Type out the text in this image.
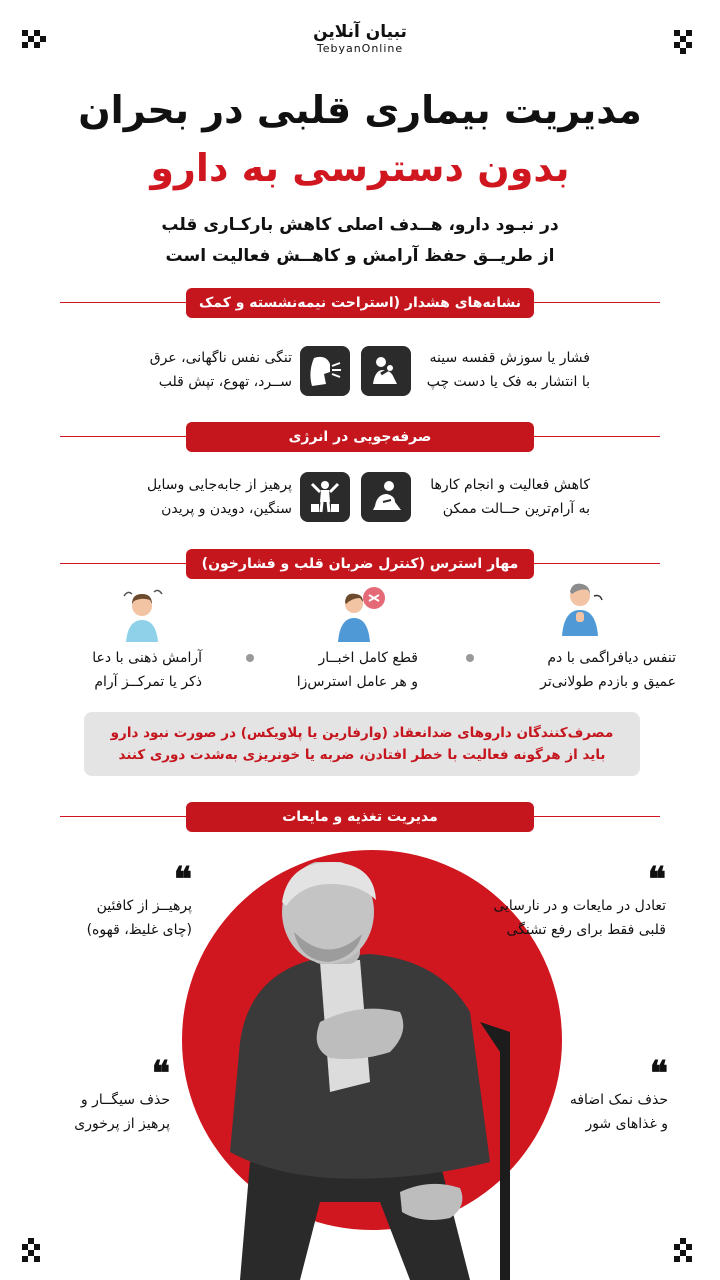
تبیان آنلاین
TebyanOnline
مدیریت بیماری قلبی در بحران
بدون دسترسی به دارو
در نبـود دارو، هــدف اصلی کاهش بارکـاری قلب
از طریــق حفظ آرامش و کاهــش فعالیت است
نشانه‌های هشدار (استراحت نیمه‌نشسته و کمک فوری)
فشار یا سوزش قفسه سینه
با انتشار به فک یا دست چپ
تنگی نفس ناگهانی، عرق
ســرد، تهوع، تپش قلب
صرفه‌جویی در انرژی
کاهش فعالیت و انجام کارها
به آرام‌ترین حــالت ممکن
پرهیز از جابه‌جایی وسایل
سنگین، دویدن و پریدن
مهار استرس (کنترل ضربان قلب و فشارخون)
تنفس دیافراگمی با دم
عمیق و بازدم طولانی‌تر
قطع کامل اخبــار
و هر عامل استرس‌زا
آرامش ذهنی با دعا
ذکر یا تمرکــز آرام
مصرف‌کنندگان داروهای ضدانعقاد (وارفارین یا پلاویکس) در صورت نبود دارو
باید از هرگونه فعالیت با خطر افتادن، ضربه یا خونریزی به‌شدت دوری کنند
مدیریت تغذیه و مایعات
❝
تعادل در مایعات و در نارسایی
قلبی فقط برای رفع تشنگی
❝
پرهیــز از کافئین
(چای غلیظ، قهوه)
❝
حذف نمک اضافه
و غذاهای شور
❝
حذف سیگــار و
پرهیز از پرخوری
